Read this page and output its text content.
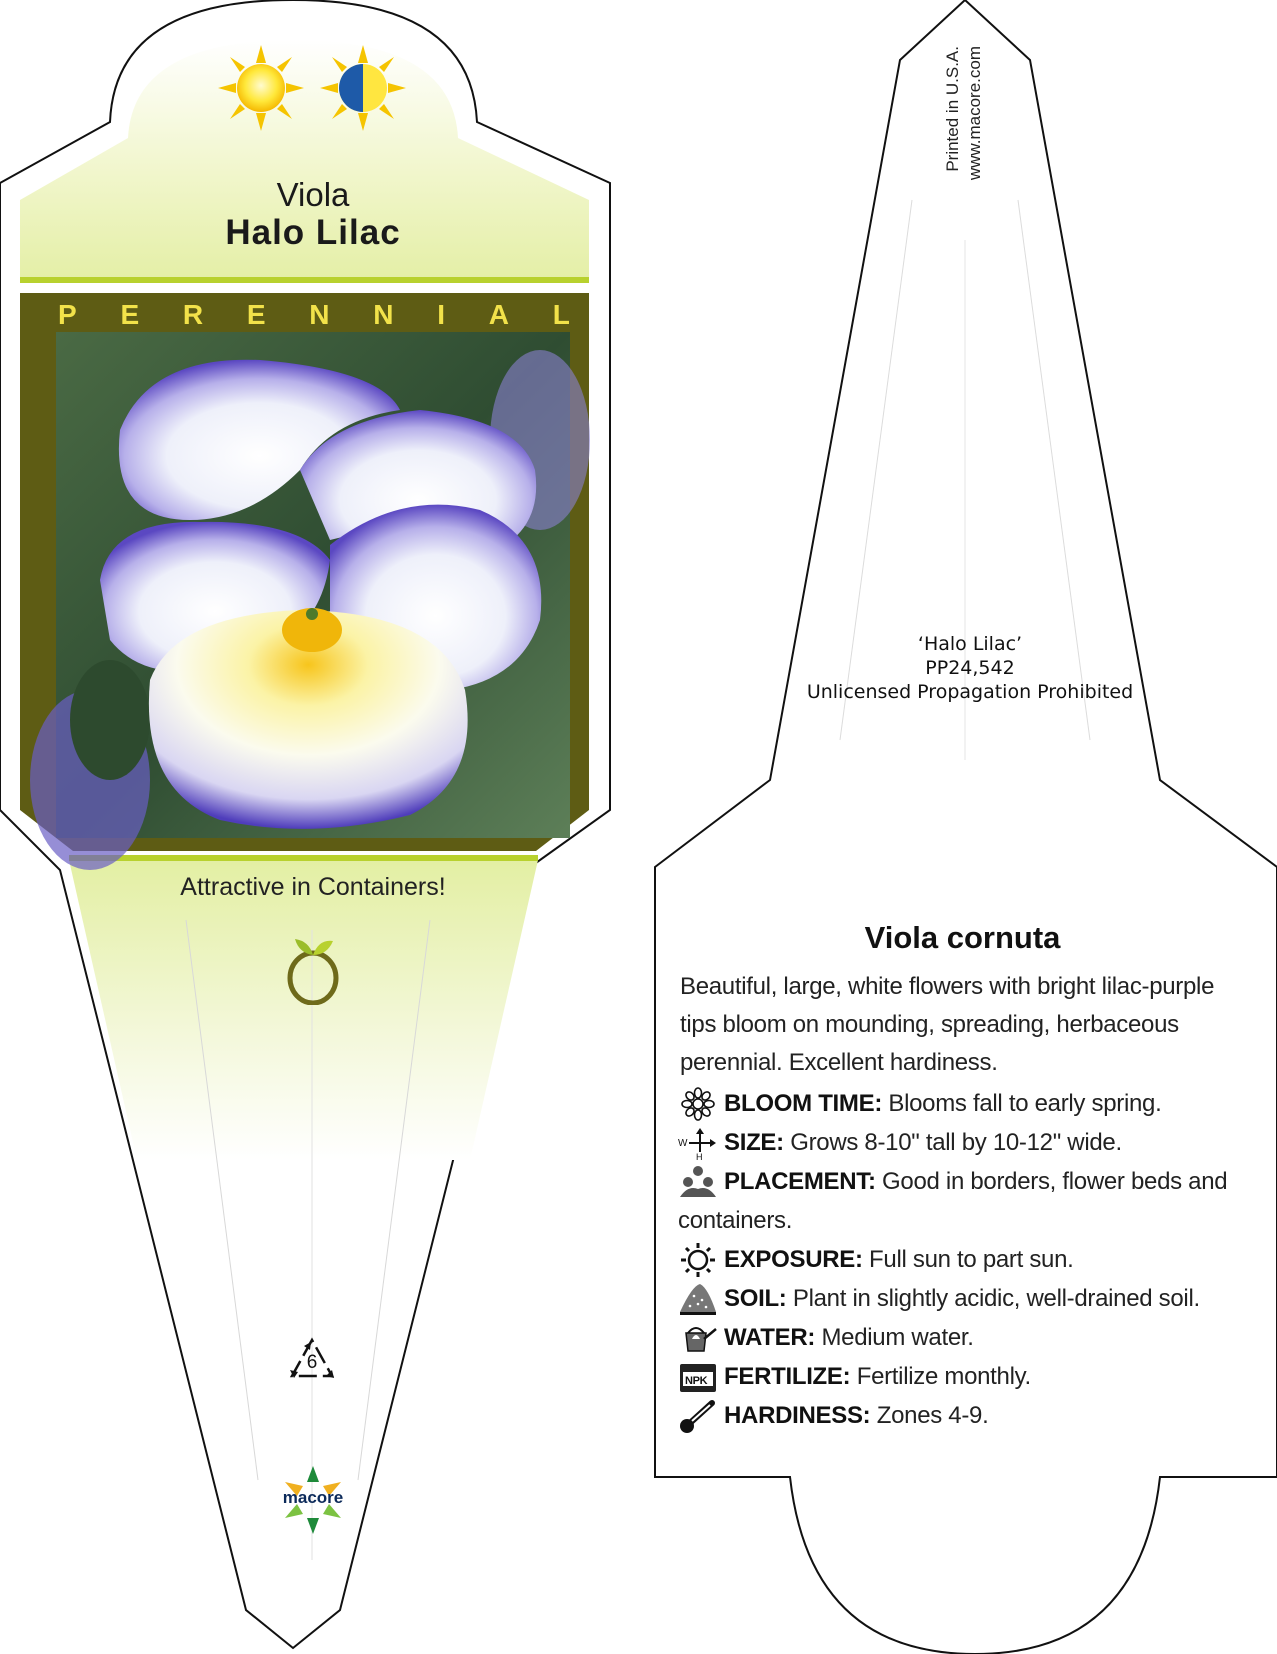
Viola
Halo Lilac
P E R E N N I A L
Attractive in Containers!
6
macore
Printed in U.S.A. www.macore.com
‘Halo Lilac’
PP24,542
Unlicensed Propagation Prohibited
Viola cornuta
Beautiful, large, white flowers with bright lilac-purple tips bloom on mounding, spreading, herbaceous perennial. Excellent hardiness.
BLOOM TIME: Blooms fall to early spring.
W
H
SIZE: Grows 8-10" tall by 10-12" wide.
PLACEMENT: Good in borders, flower beds and
containers.
EXPOSURE: Full sun to part sun.
SOIL: Plant in slightly acidic, well-drained soil.
WATER: Medium water.
NPK FERTILIZE: Fertilize monthly.
HARDINESS: Zones 4-9.
